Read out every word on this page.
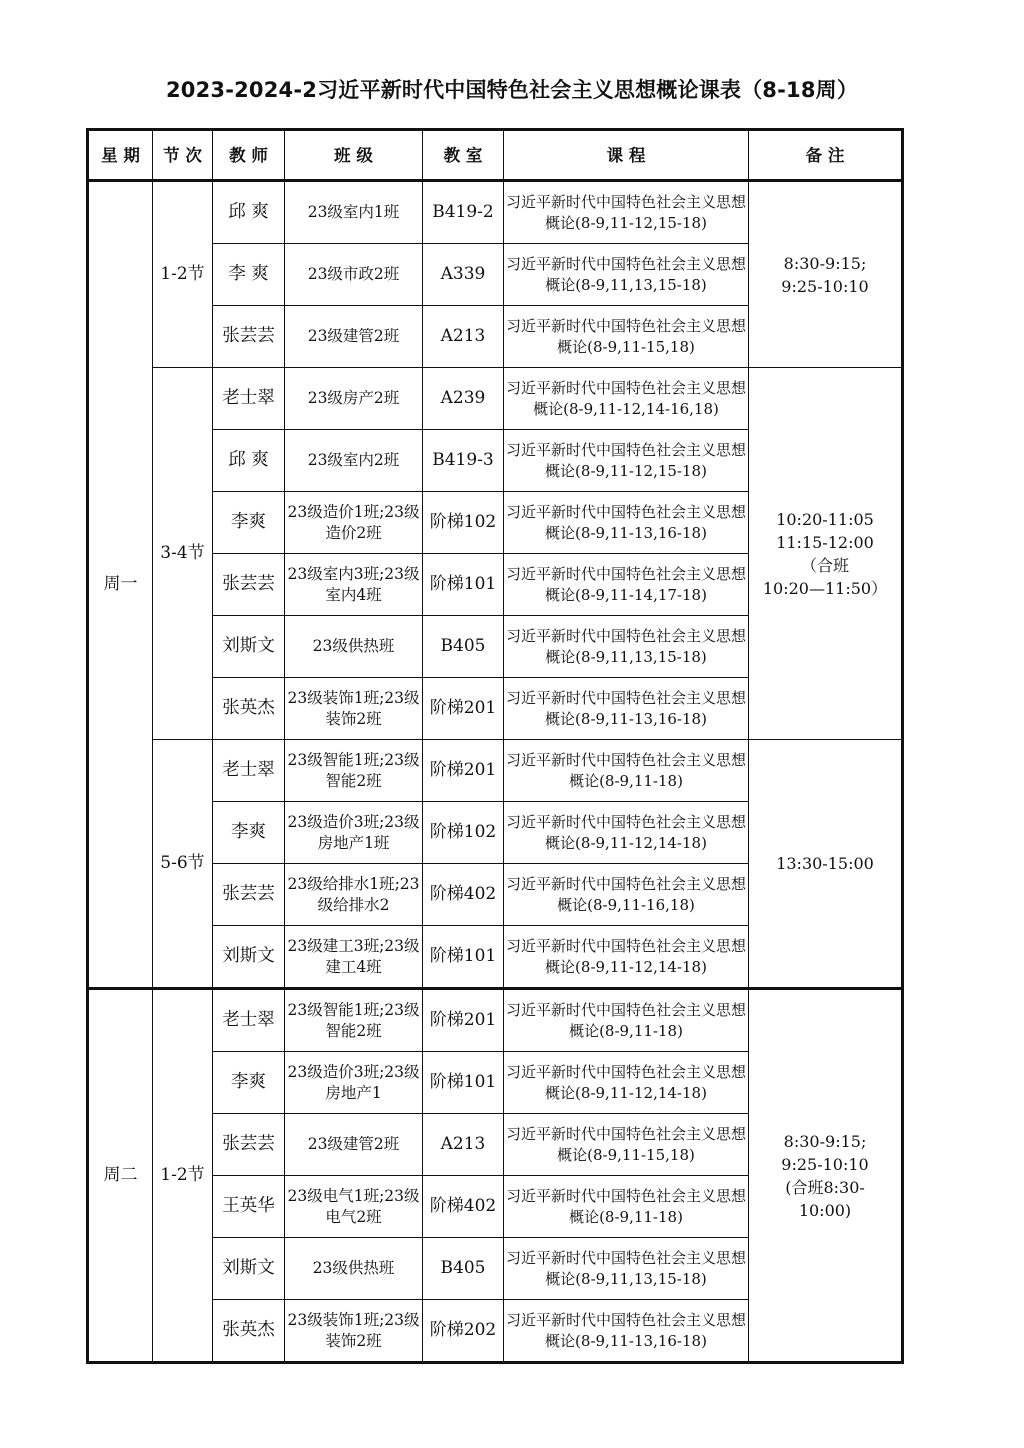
2023-2024-2习近平新时代中国特色社会主义思想概论课表（8-18周）
星 期	节 次	教 师	班 级	教 室	课 程	备 注
周一	1-2节	邱 爽	23级室内1班	B419-2	习近平新时代中国特色社会主义思想概论(8-9,11-12,15-18)	8:30-9:15;
9:25-10:10
		李 爽	23级市政2班	A339	习近平新时代中国特色社会主义思想概论(8-9,11,13,15-18)	
		张芸芸	23级建管2班	A213	习近平新时代中国特色社会主义思想概论(8-9,11-15,18)	
	3-4节	老士翠	23级房产2班	A239	习近平新时代中国特色社会主义思想概论(8-9,11-12,14-16,18)	10:20-11:05
11:15-12:00
（合班
10:20—11:50）
		邱 爽	23级室内2班	B419-3	习近平新时代中国特色社会主义思想概论(8-9,11-12,15-18)	
		李爽	23级造价1班;23级造价2班	阶梯102	习近平新时代中国特色社会主义思想概论(8-9,11-13,16-18)	
		张芸芸	23级室内3班;23级室内4班	阶梯101	习近平新时代中国特色社会主义思想概论(8-9,11-14,17-18)	
		刘斯文	23级供热班	B405	习近平新时代中国特色社会主义思想概论(8-9,11,13,15-18)	
		张英杰	23级装饰1班;23级装饰2班	阶梯201	习近平新时代中国特色社会主义思想概论(8-9,11-13,16-18)	
	5-6节	老士翠	23级智能1班;23级智能2班	阶梯201	习近平新时代中国特色社会主义思想概论(8-9,11-18)	13:30-15:00
		李爽	23级造价3班;23级房地产1班	阶梯102	习近平新时代中国特色社会主义思想概论(8-9,11-12,14-18)	
		张芸芸	23级给排水1班;23级给排水2	阶梯402	习近平新时代中国特色社会主义思想概论(8-9,11-16,18)	
		刘斯文	23级建工3班;23级建工4班	阶梯101	习近平新时代中国特色社会主义思想概论(8-9,11-12,14-18)	
周二	1-2节	老士翠	23级智能1班;23级智能2班	阶梯201	习近平新时代中国特色社会主义思想概论(8-9,11-18)	8:30-9:15;
9:25-10:10
(合班8:30-
10:00)
		李爽	23级造价3班;23级房地产1	阶梯101	习近平新时代中国特色社会主义思想概论(8-9,11-12,14-18)	
		张芸芸	23级建管2班	A213	习近平新时代中国特色社会主义思想概论(8-9,11-15,18)	
		王英华	23级电气1班;23级电气2班	阶梯402	习近平新时代中国特色社会主义思想概论(8-9,11-18)	
		刘斯文	23级供热班	B405	习近平新时代中国特色社会主义思想概论(8-9,11,13,15-18)	
		张英杰	23级装饰1班;23级装饰2班	阶梯202	习近平新时代中国特色社会主义思想概论(8-9,11-13,16-18)	
